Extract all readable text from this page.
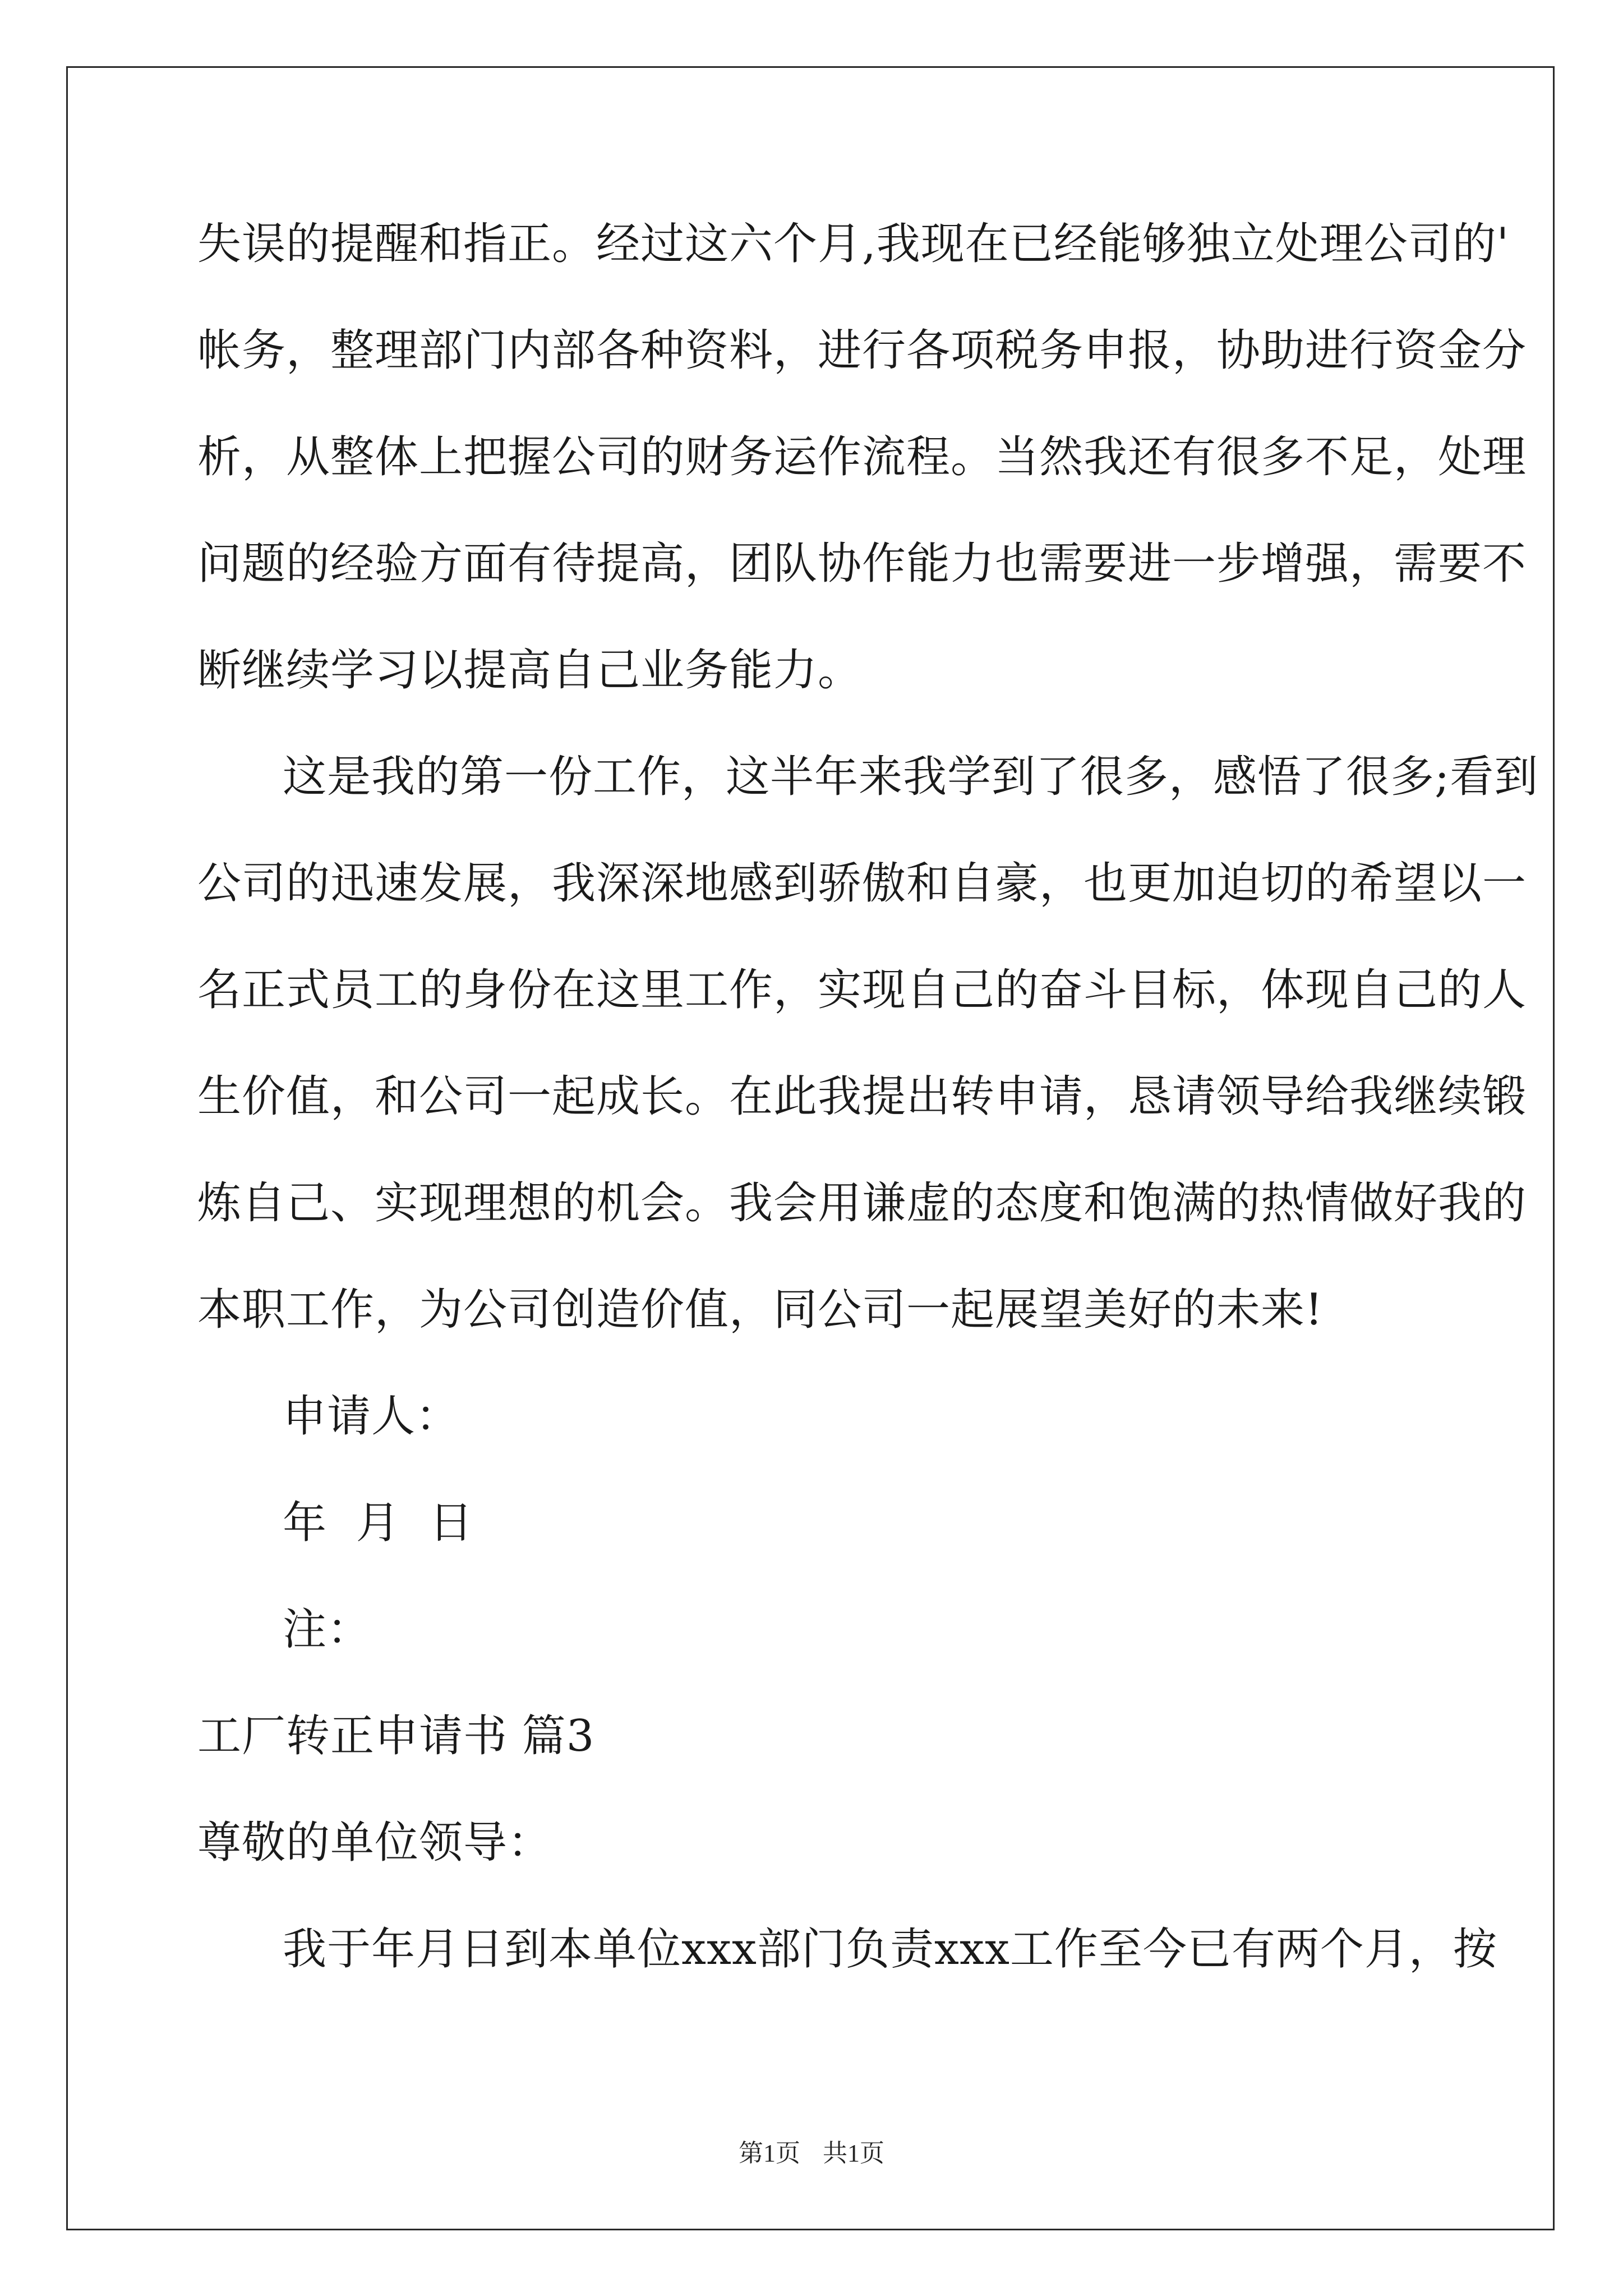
失误的提醒和指正。经过这六个月,我现在已经能够独立处理公司的'
帐务，整理部门内部各种资料，进行各项税务申报，协助进行资金分
析，从整体上把握公司的财务运作流程。当然我还有很多不足，处理
问题的经验方面有待提高，团队协作能力也需要进一步增强，需要不
断继续学习以提高自己业务能力。
这是我的第一份工作，这半年来我学到了很多，感悟了很多;看到
公司的迅速发展，我深深地感到骄傲和自豪，也更加迫切的希望以一
名正式员工的身份在这里工作，实现自己的奋斗目标，体现自己的人
生价值，和公司一起成长。在此我提出转申请，恳请领导给我继续锻
炼自己、实现理想的机会。我会用谦虚的态度和饱满的热情做好我的
本职工作，为公司创造价值，同公司一起展望美好的未来!
申请人：
年  月  日
注：
工厂转正申请书 篇3
尊敬的单位领导：
我于年月日到本单位xxx部门负责xxx工作至今已有两个月，按
第1页 共1页
